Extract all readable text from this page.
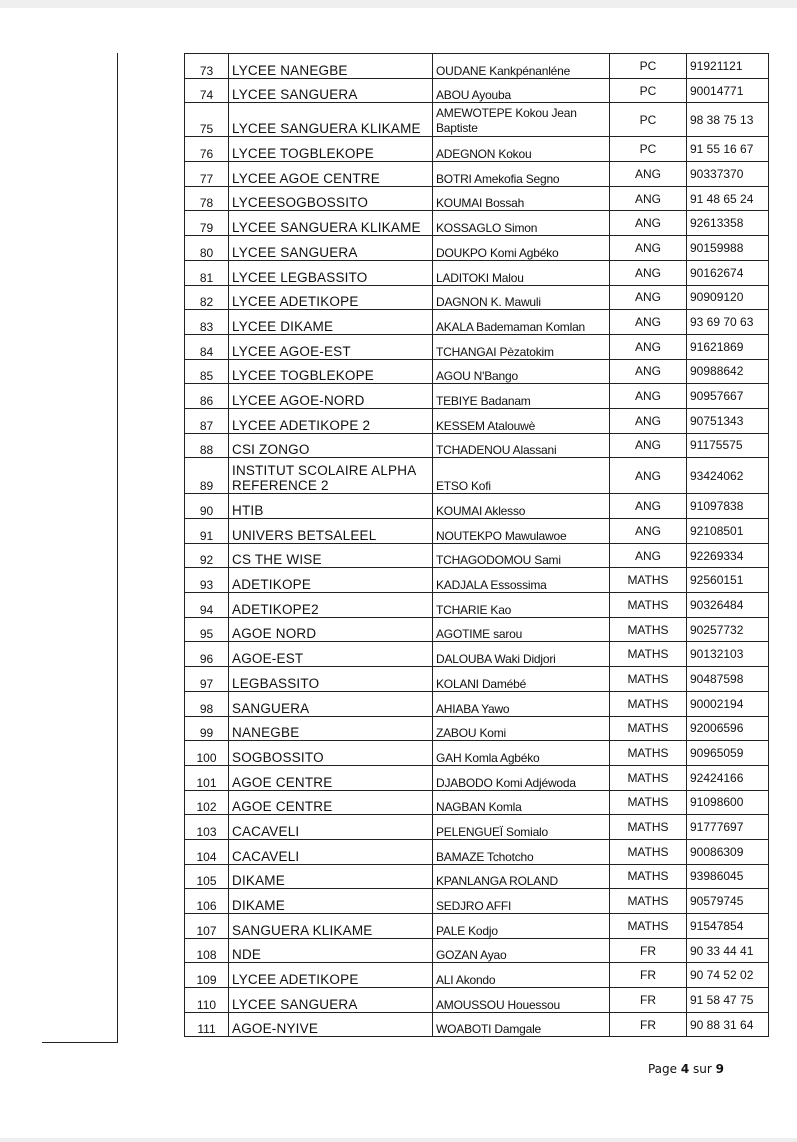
73	LYCEE NANEGBE	OUDANE Kankpénanléne	PC	91921121
74	LYCEE SANGUERA	ABOU Ayouba	PC	90014771
75	LYCEE SANGUERA KLIKAME	AMEWOTEPE Kokou Jean Baptiste	PC	98 38 75 13
76	LYCEE TOGBLEKOPE	ADEGNON Kokou	PC	91 55 16 67
77	LYCEE AGOE CENTRE	BOTRI Amekofia Segno	ANG	90337370
78	LYCEESOGBOSSITO	KOUMAI Bossah	ANG	91 48 65 24
79	LYCEE SANGUERA KLIKAME	KOSSAGLO Simon	ANG	92613358
80	LYCEE SANGUERA	DOUKPO Komi Agbéko	ANG	90159988
81	LYCEE LEGBASSITO	LADITOKI Malou	ANG	90162674
82	LYCEE ADETIKOPE	DAGNON K. Mawuli	ANG	90909120
83	LYCEE DIKAME	AKALA Bademaman Komlan	ANG	93 69 70 63
84	LYCEE AGOE-EST	TCHANGAI Pèzatokim	ANG	91621869
85	LYCEE TOGBLEKOPE	AGOU N'Bango	ANG	90988642
86	LYCEE AGOE-NORD	TEBIYE Badanam	ANG	90957667
87	LYCEE ADETIKOPE 2	KESSEM Atalouwè	ANG	90751343
88	CSI ZONGO	TCHADENOU Alassani	ANG	91175575
89	INSTITUT SCOLAIRE ALPHA REFERENCE 2	ETSO Kofi	ANG	93424062
90	HTIB	KOUMAI Aklesso	ANG	91097838
91	UNIVERS BETSALEEL	NOUTEKPO Mawulawoe	ANG	92108501
92	CS THE WISE	TCHAGODOMOU Sami	ANG	92269334
93	ADETIKOPE	KADJALA Essossima	MATHS	92560151
94	ADETIKOPE2	TCHARIE Kao	MATHS	90326484
95	AGOE NORD	AGOTIME sarou	MATHS	90257732
96	AGOE-EST	DALOUBA Waki Didjori	MATHS	90132103
97	LEGBASSITO	KOLANI Damébé	MATHS	90487598
98	SANGUERA	AHIABA Yawo	MATHS	90002194
99	NANEGBE	ZABOU Komi	MATHS	92006596
100	SOGBOSSITO	GAH Komla Agbéko	MATHS	90965059
101	AGOE CENTRE	DJABODO Komi Adjéwoda	MATHS	92424166
102	AGOE CENTRE	NAGBAN Komla	MATHS	91098600
103	CACAVELI	PELENGUEÏ Somialo	MATHS	91777697
104	CACAVELI	BAMAZE Tchotcho	MATHS	90086309
105	DIKAME	KPANLANGA ROLAND	MATHS	93986045
106	DIKAME	SEDJRO AFFI	MATHS	90579745
107	SANGUERA KLIKAME	PALE Kodjo	MATHS	91547854
108	NDE	GOZAN Ayao	FR	90 33 44 41
109	LYCEE ADETIKOPE	ALI Akondo	FR	90 74 52 02
110	LYCEE SANGUERA	AMOUSSOU Houessou	FR	91 58 47 75
111	AGOE-NYIVE	WOABOTI Damgale	FR	90 88 31 64
Page 4 sur 9
